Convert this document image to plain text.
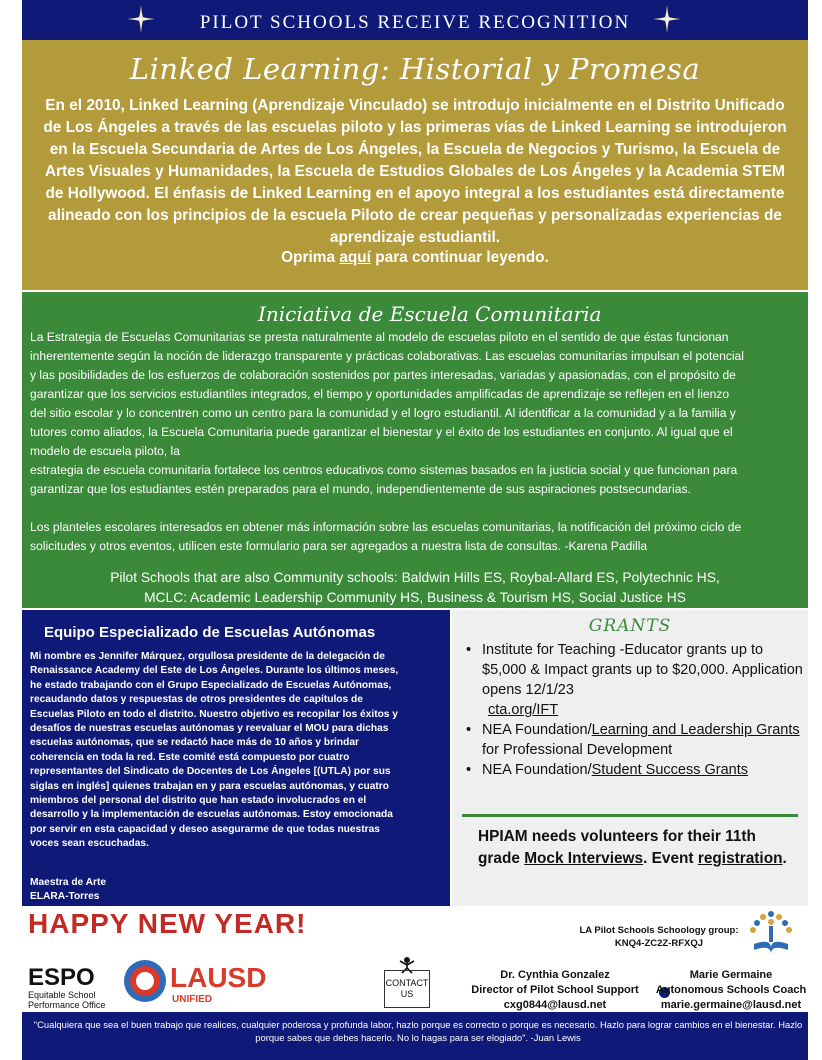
PILOT SCHOOLS RECEIVE RECOGNITION
Linked Learning: Historial y Promesa
En el 2010, Linked Learning (Aprendizaje Vinculado) se introdujo inicialmente en el Distrito Unificado de Los Ángeles a través de las escuelas piloto y las primeras vías de Linked Learning se introdujeron en la Escuela Secundaria de Artes de Los Ángeles, la Escuela de Negocios y Turismo, la Escuela de Artes Visuales y Humanidades, la Escuela de Estudios Globales de Los Ángeles y la Academia STEM de Hollywood. El énfasis de Linked Learning en el apoyo integral a los estudiantes está directamente alineado con los principios de la escuela Piloto de crear pequeñas y personalizadas experiencias de aprendizaje estudiantil.
Oprima aquí para continuar leyendo.
Iniciativa de Escuela Comunitaria
La Estrategia de Escuelas Comunitarias se presta naturalmente al modelo de escuelas piloto en el sentido de que éstas funcionan
inherentemente según la noción de liderazgo transparente y prácticas colaborativas. Las escuelas comunitarias impulsan el potencial
y las posibilidades de los esfuerzos de colaboración sostenidos por partes interesadas, variadas y apasionadas, con el propósito de
garantizar que los servicios estudiantiles integrados, el tiempo y oportunidades amplificadas de aprendizaje se reflejen en el lienzo
del sitio escolar y lo concentren como un centro para la comunidad y el logro estudiantil. Al identificar a la comunidad y a la familia y
tutores como aliados, la Escuela Comunitaria puede garantizar el bienestar y el éxito de los estudiantes en conjunto. Al igual que el
modelo de escuela piloto, la
estrategia de escuela comunitaria fortalece los centros educativos como sistemas basados en la justicia social y que funcionan para
garantizar que los estudiantes estén preparados para el mundo, independientemente de sus aspiraciones postsecundarias.
Los planteles escolares interesados en obtener más información sobre las escuelas comunitarias, la notificación del próximo ciclo de
solicitudes y otros eventos, utilicen este formulario para ser agregados a nuestra lista de consultas. -Karena Padilla
Pilot Schools that are also Community schools: Baldwin Hills ES, Roybal-Allard ES, Polytechnic HS,
MCLC: Academic Leadership Community HS, Business & Tourism HS, Social Justice HS
Equipo Especializado de Escuelas Autónomas
Mi nombre es Jennifer Márquez, orgullosa presidente de la delegación de
Renaissance Academy del Este de Los Ángeles. Durante los últimos meses,
he estado trabajando con el Grupo Especializado de Escuelas Autónomas,
recaudando datos y respuestas de otros presidentes de capítulos de
Escuelas Piloto en todo el distrito. Nuestro objetivo es recopilar los éxitos y
desafíos de nuestras escuelas autónomas y reevaluar el MOU para dichas
escuelas autónomas, que se redactó hace más de 10 años y brindar
coherencia en toda la red. Este comité está compuesto por cuatro
representantes del Sindicato de Docentes de Los Ángeles [(UTLA) por sus
siglas en inglés] quienes trabajan en y para escuelas autónomas, y cuatro
miembros del personal del distrito que han estado involucrados en el
desarrollo y la implementación de escuelas autónomas. Estoy emocionada
por servir en esta capacidad y deseo asegurarme de que todas nuestras
voces sean escuchadas.
Maestra de Arte
ELARA-Torres
GRANTS
• Institute for Teaching -Educator grants up to $5,000 & Impact grants up to $20,000. Application opens 12/1/23
cta.org/IFT
• NEA Foundation/Learning and Leadership Grants for Professional Development
• NEA Foundation/Student Success Grants
HPIAM needs volunteers for their 11th grade Mock Interviews. Event registration.
HAPPY NEW YEAR!
ESPO
Equitable School
Performance Office
LAUSD
UNIFIED
CONTACT
US
LA Pilot Schools Schoology group:
KNQ4-ZC2Z-RFXQJ
Dr. Cynthia Gonzalez
Director of Pilot School Support
cxg0844@lausd.net
Marie Germaine
Autonomous Schools Coach
marie.germaine@lausd.net
"Cualquiera que sea el buen trabajo que realices, cualquier poderosa y profunda labor, hazlo porque es correcto o porque es necesario. Hazlo para lograr cambios en el bienestar. Hazlo porque sabes que debes hacerlo. No lo hagas para ser elogiado". -Juan Lewis
